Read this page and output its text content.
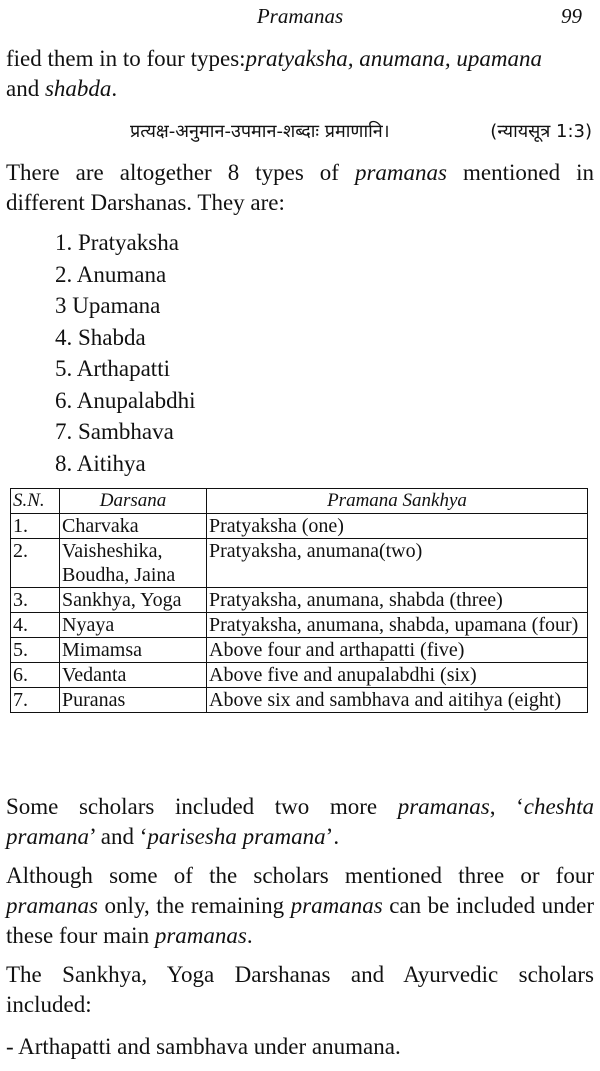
Pramanas	99
fied them in to four types:pratyaksha, anumana, upamana
and shabda.
प्रत्यक्ष-अनुमान-उपमान-शब्दाः प्रमाणानि।	(न्यायसूत्र 1:3)
There are altogether 8 types of pramanas mentioned in different Darshanas. They are:
1. Pratyaksha
2. Anumana
3 Upamana
4. Shabda
5. Arthapatti
6. Anupalabdhi
7. Sambhava
8. Aitihya
S.N.	Darsana	Pramana Sankhya
1.	Charvaka	Pratyaksha (one)
2.	Vaisheshika, Boudha, Jaina	Pratyaksha, anumana(two)
3.	Sankhya, Yoga	Pratyaksha, anumana, shabda (three)
4.	Nyaya	Pratyaksha, anumana, shabda, upamana (four)
5.	Mimamsa	Above four and arthapatti (five)
6.	Vedanta	Above five and anupalabdhi (six)
7.	Puranas	Above six and sambhava and aitihya (eight)
Some scholars included two more pramanas, ‘cheshta pramana’ and ‘parisesha pramana’.
Although some of the scholars mentioned three or four pramanas only, the remaining pramanas can be included under these four main pramanas.
The Sankhya, Yoga Darshanas and Ayurvedic scholars included:
- Arthapatti and sambhava under anumana.
